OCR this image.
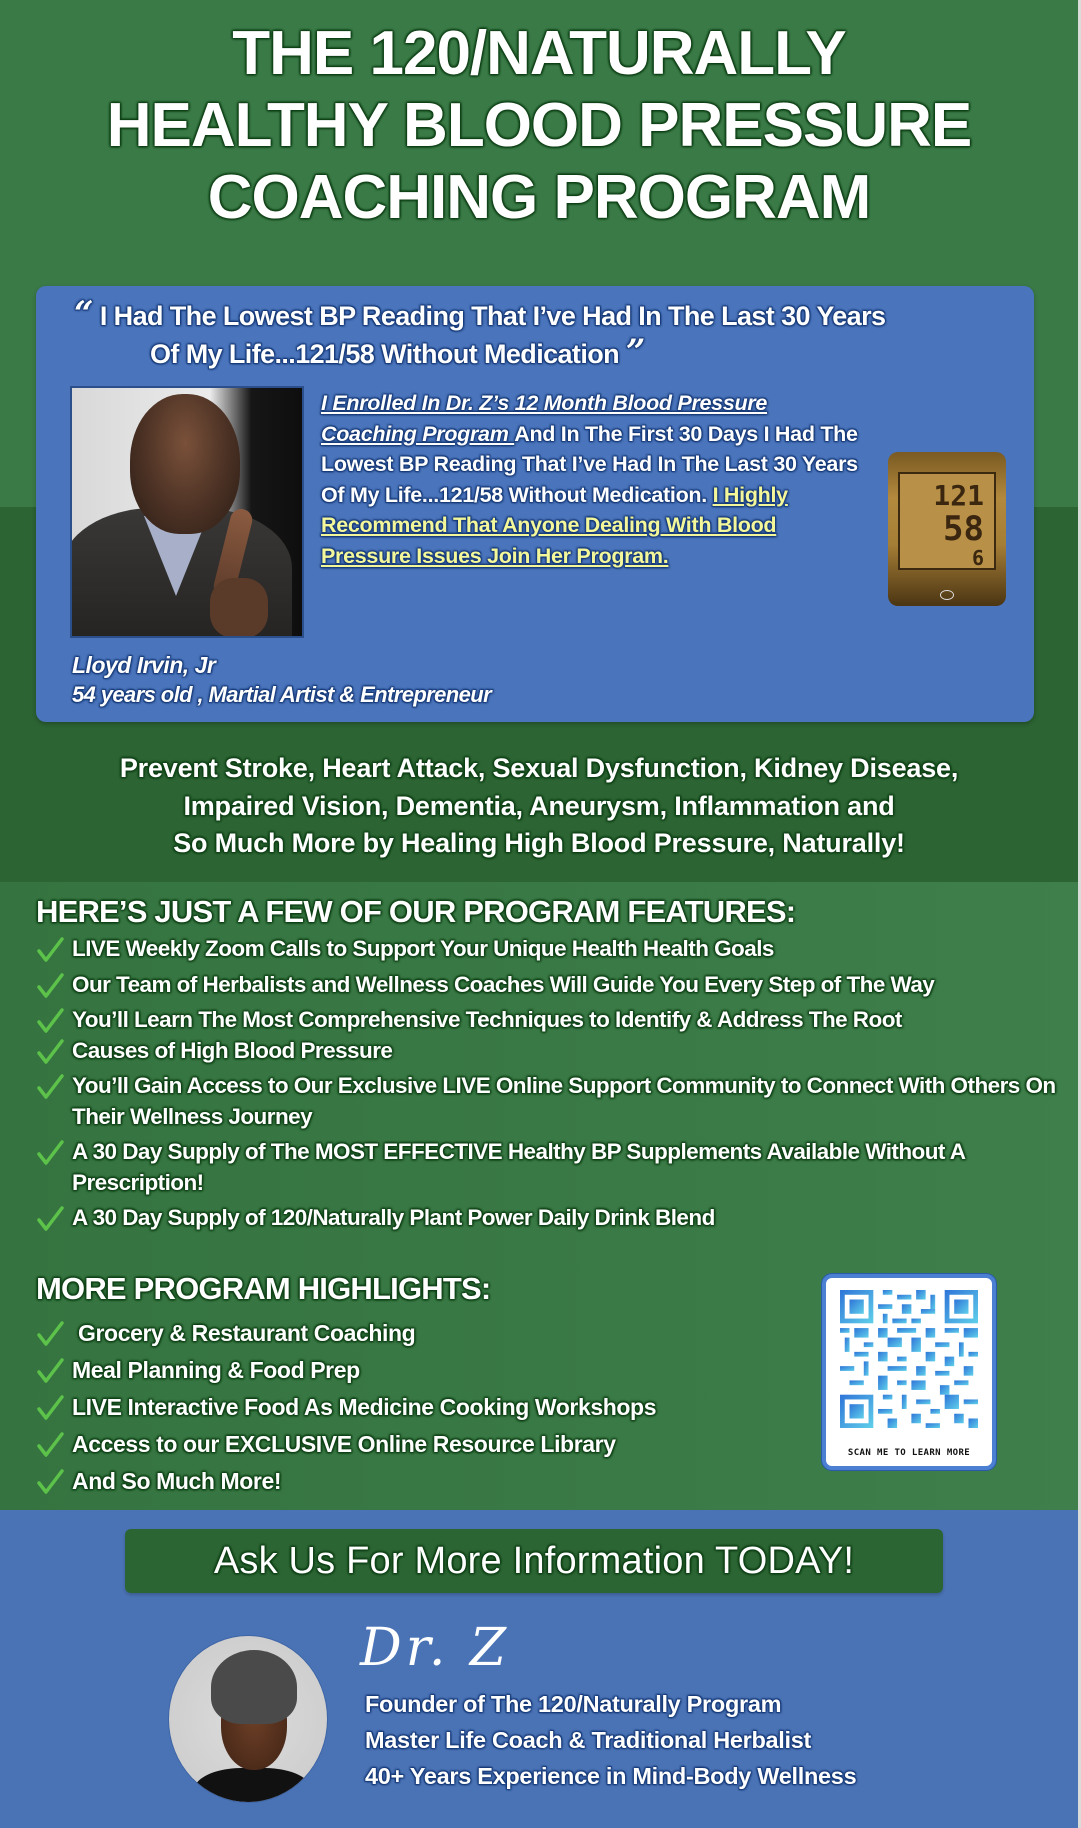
THE 120/NATURALLY
HEALTHY BLOOD PRESSURE
COACHING PROGRAM
“ I Had The Lowest BP Reading That I’ve Had In The Last 30 Years
Of My Life...121/58 Without Medication ”

I Enrolled In Dr. Z’s 12 Month Blood Pressure Coaching Program And In The First 30 Days I Had The Lowest BP Reading That I’ve Had In The Last 30 Years Of My Life...121/58 Without Medication. I Highly Recommend That Anyone Dealing With Blood Pressure Issues Join Her Program.

121
58
6
Lloyd Irvin, Jr
54 years old , Martial Artist & Entrepreneur
Prevent Stroke, Heart Attack, Sexual Dysfunction, Kidney Disease,
Impaired Vision, Dementia, Aneurysm, Inflammation and
So Much More by Healing High Blood Pressure, Naturally!
HERE’S JUST A FEW OF OUR PROGRAM FEATURES:
LIVE Weekly Zoom Calls to Support Your Unique Health Health Goals
Our Team of Herbalists and Wellness Coaches Will Guide You Every Step of The Way
You’ll Learn The Most Comprehensive Techniques to Identify & Address The Root
Causes of High Blood Pressure
You’ll Gain Access to Our Exclusive LIVE Online Support Community to Connect With Others On Their Wellness Journey
A 30 Day Supply of The MOST EFFECTIVE Healthy BP Supplements Available Without A Prescription!
A 30 Day Supply of 120/Naturally Plant Power Daily Drink Blend
MORE PROGRAM HIGHLIGHTS:
Grocery & Restaurant Coaching
Meal Planning & Food Prep
LIVE Interactive Food As Medicine Cooking Workshops
Access to our EXCLUSIVE Online Resource Library
And So Much More!
SCAN ME TO LEARN MORE
Ask Us For More Information TODAY!
Dr. Z
Founder of The 120/Naturally Program
Master Life Coach & Traditional Herbalist
40+ Years Experience in Mind-Body Wellness
